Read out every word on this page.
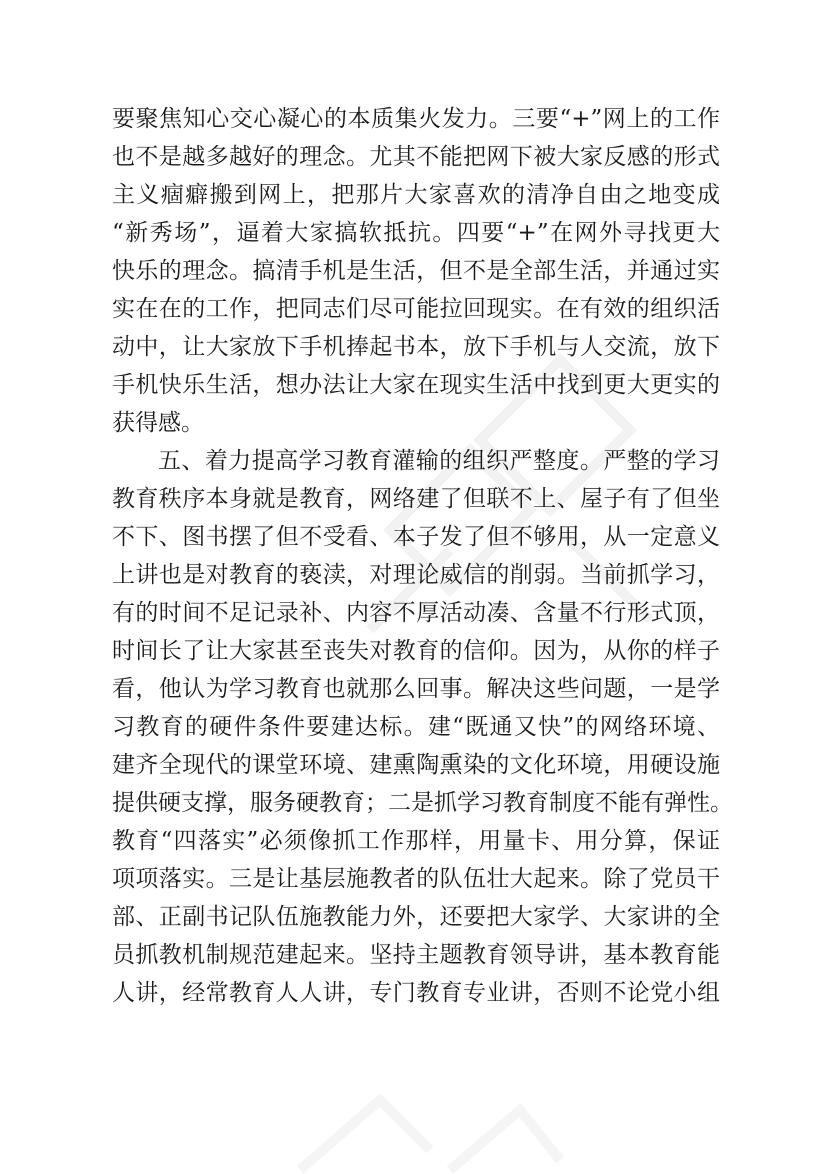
要聚焦知心交心凝心的本质集火发力。三要“+”网上的工作
也不是越多越好的理念。尤其不能把网下被大家反感的形式
主义痼癖搬到网上，把那片大家喜欢的清净自由之地变成
“新秀场”，逼着大家搞软抵抗。四要“+”在网外寻找更大
快乐的理念。搞清手机是生活，但不是全部生活，并通过实
实在在的工作，把同志们尽可能拉回现实。在有效的组织活
动中，让大家放下手机捧起书本，放下手机与人交流，放下
手机快乐生活，想办法让大家在现实生活中找到更大更实的
获得感。
五、着力提高学习教育灌输的组织严整度。严整的学习
教育秩序本身就是教育，网络建了但联不上、屋子有了但坐
不下、图书摆了但不受看、本子发了但不够用，从一定意义
上讲也是对教育的亵渎，对理论威信的削弱。当前抓学习，
有的时间不足记录补、内容不厚活动凑、含量不行形式顶，
时间长了让大家甚至丧失对教育的信仰。因为，从你的样子
看，他认为学习教育也就那么回事。解决这些问题，一是学
习教育的硬件条件要建达标。建“既通又快”的网络环境、
建齐全现代的课堂环境、建熏陶熏染的文化环境，用硬设施
提供硬支撑，服务硬教育；二是抓学习教育制度不能有弹性。
教育“四落实”必须像抓工作那样，用量卡、用分算，保证
项项落实。三是让基层施教者的队伍壮大起来。除了党员干
部、正副书记队伍施教能力外，还要把大家学、大家讲的全
员抓教机制规范建起来。坚持主题教育领导讲，基本教育能
人讲，经常教育人人讲，专门教育专业讲，否则不论党小组
